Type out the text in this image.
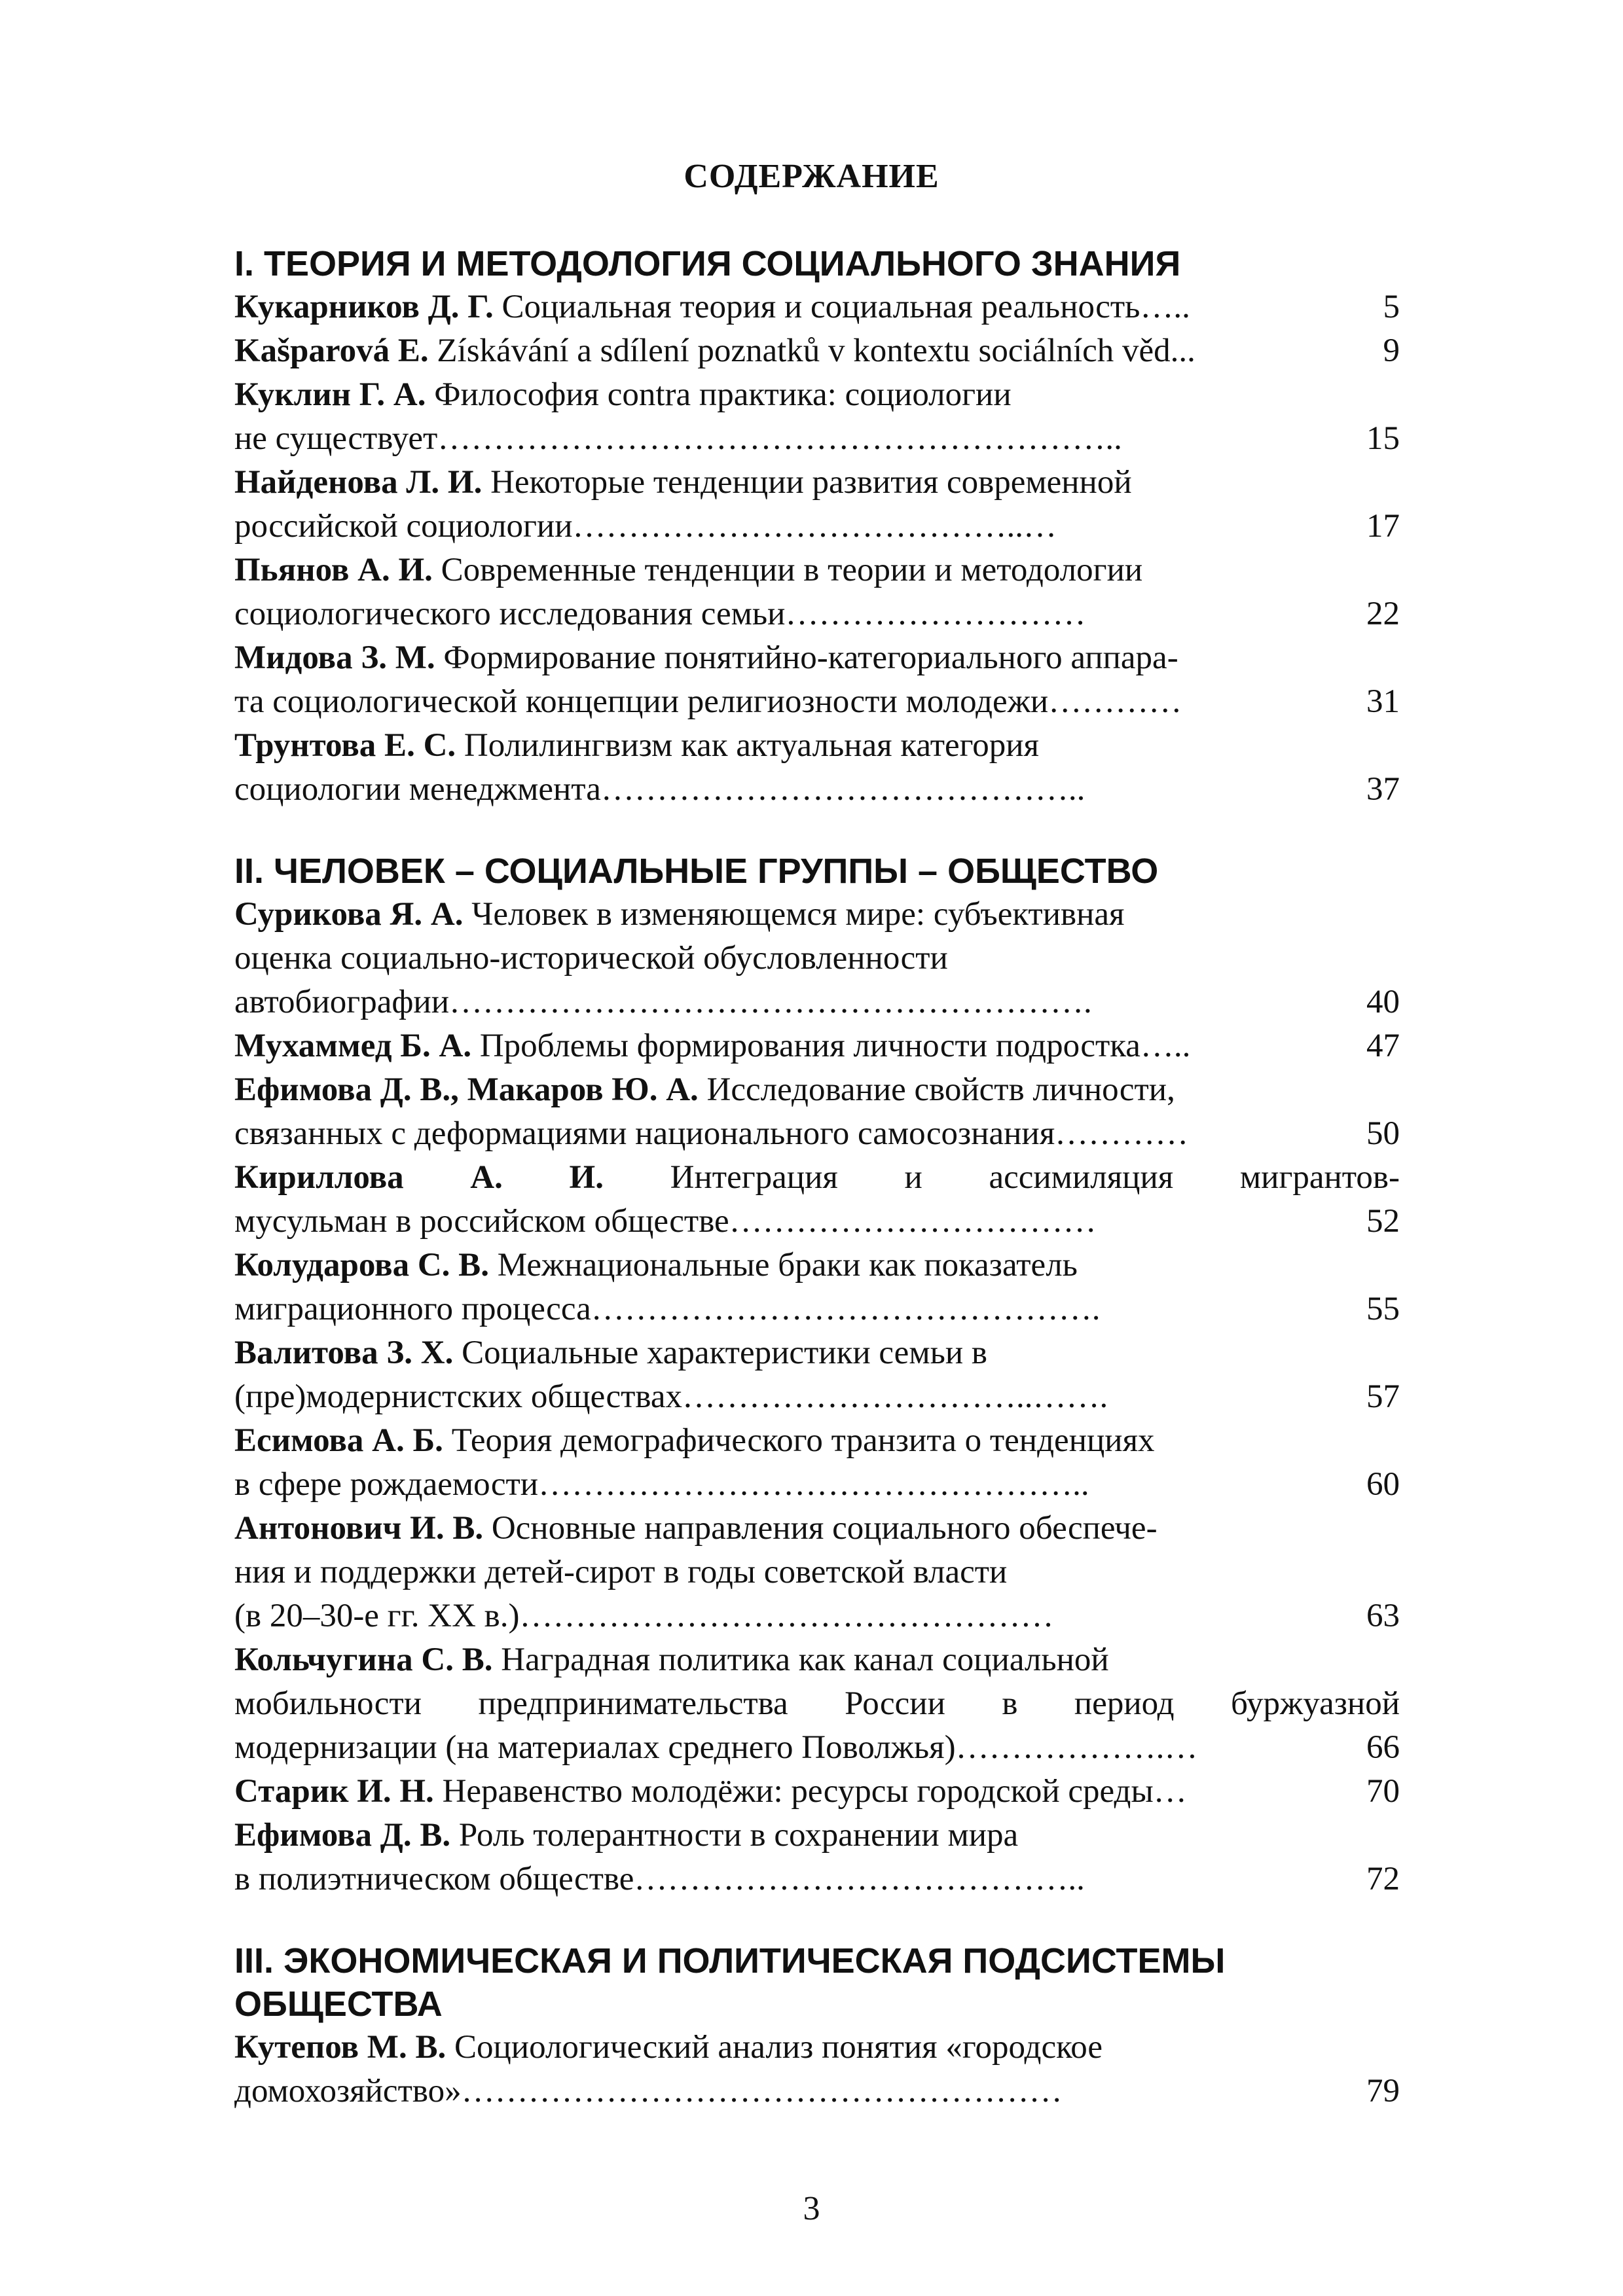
СОДЕРЖАНИЕ
I. ТЕОРИЯ И МЕТОДОЛОГИЯ СОЦИАЛЬНОГО ЗНАНИЯ
Кукарников Д. Г. Социальная теория и социальная реальность…..	5
Kašparová E. Získávání a sdílení poznatků v kontextu sociálních věd...	9
Куклин Г. А. Философия contra практика: социологии
не существует……………………………………………………..	15
Найденова Л. И. Некоторые тенденции развития современной
российской социологии…………………………………..…	17
Пьянов А. И. Современные тенденции в теории и методологии
социологического исследования семьи………………………	22
Мидова З. М. Формирование понятийно-категориального аппара-
та социологической концепции религиозности молодежи…………	31
Трунтова Е. С. Полилингвизм как актуальная категория
социологии менеджмента……………………………………..	37
II. ЧЕЛОВЕК – СОЦИАЛЬНЫЕ ГРУППЫ – ОБЩЕСТВО
Сурикова Я. А. Человек в изменяющемся мире: субъективная
оценка социально-исторической обусловленности
автобиографии………………………………………………….	40
Мухаммед Б. А. Проблемы формирования личности подростка…..	47
Ефимова Д. В., Макаров Ю. А. Исследование свойств личности,
связанных с деформациями национального самосознания…………	50
Кириллова А. И. Интеграция и ассимиляция мигрантов-
мусульман в российском обществе……………………………	52
Колударова С. В. Межнациональные браки как показатель
миграционного процесса……………………………………….	55
Валитова З. Х. Социальные характеристики семьи в
(пре)модернистских обществах…………………………..…….	57
Есимова А. Б. Теория демографического транзита о тенденциях
в сфере рождаемости…………………………………………..	60
Антонович И. В. Основные направления социального обеспече-
ния и поддержки детей-сирот в годы советской власти
(в 20–30-е гг. XX в.)…………………………………………	63
Кольчугина С. В. Наградная политика как канал социальной
мобильности предпринимательства России в период буржуазной
модернизации (на материалах среднего Поволжья)……………….…	66
Старик И. Н. Неравенство молодёжи: ресурсы городской среды…	70
Ефимова Д. В. Роль толерантности в сохранении мира
в полиэтническом обществе…………………………………..	72
III. ЭКОНОМИЧЕСКАЯ И ПОЛИТИЧЕСКАЯ ПОДСИСТЕМЫ ОБЩЕСТВА
Кутепов М. В. Социологический анализ понятия «городское
домохозяйство»………………………………………………	79
3
